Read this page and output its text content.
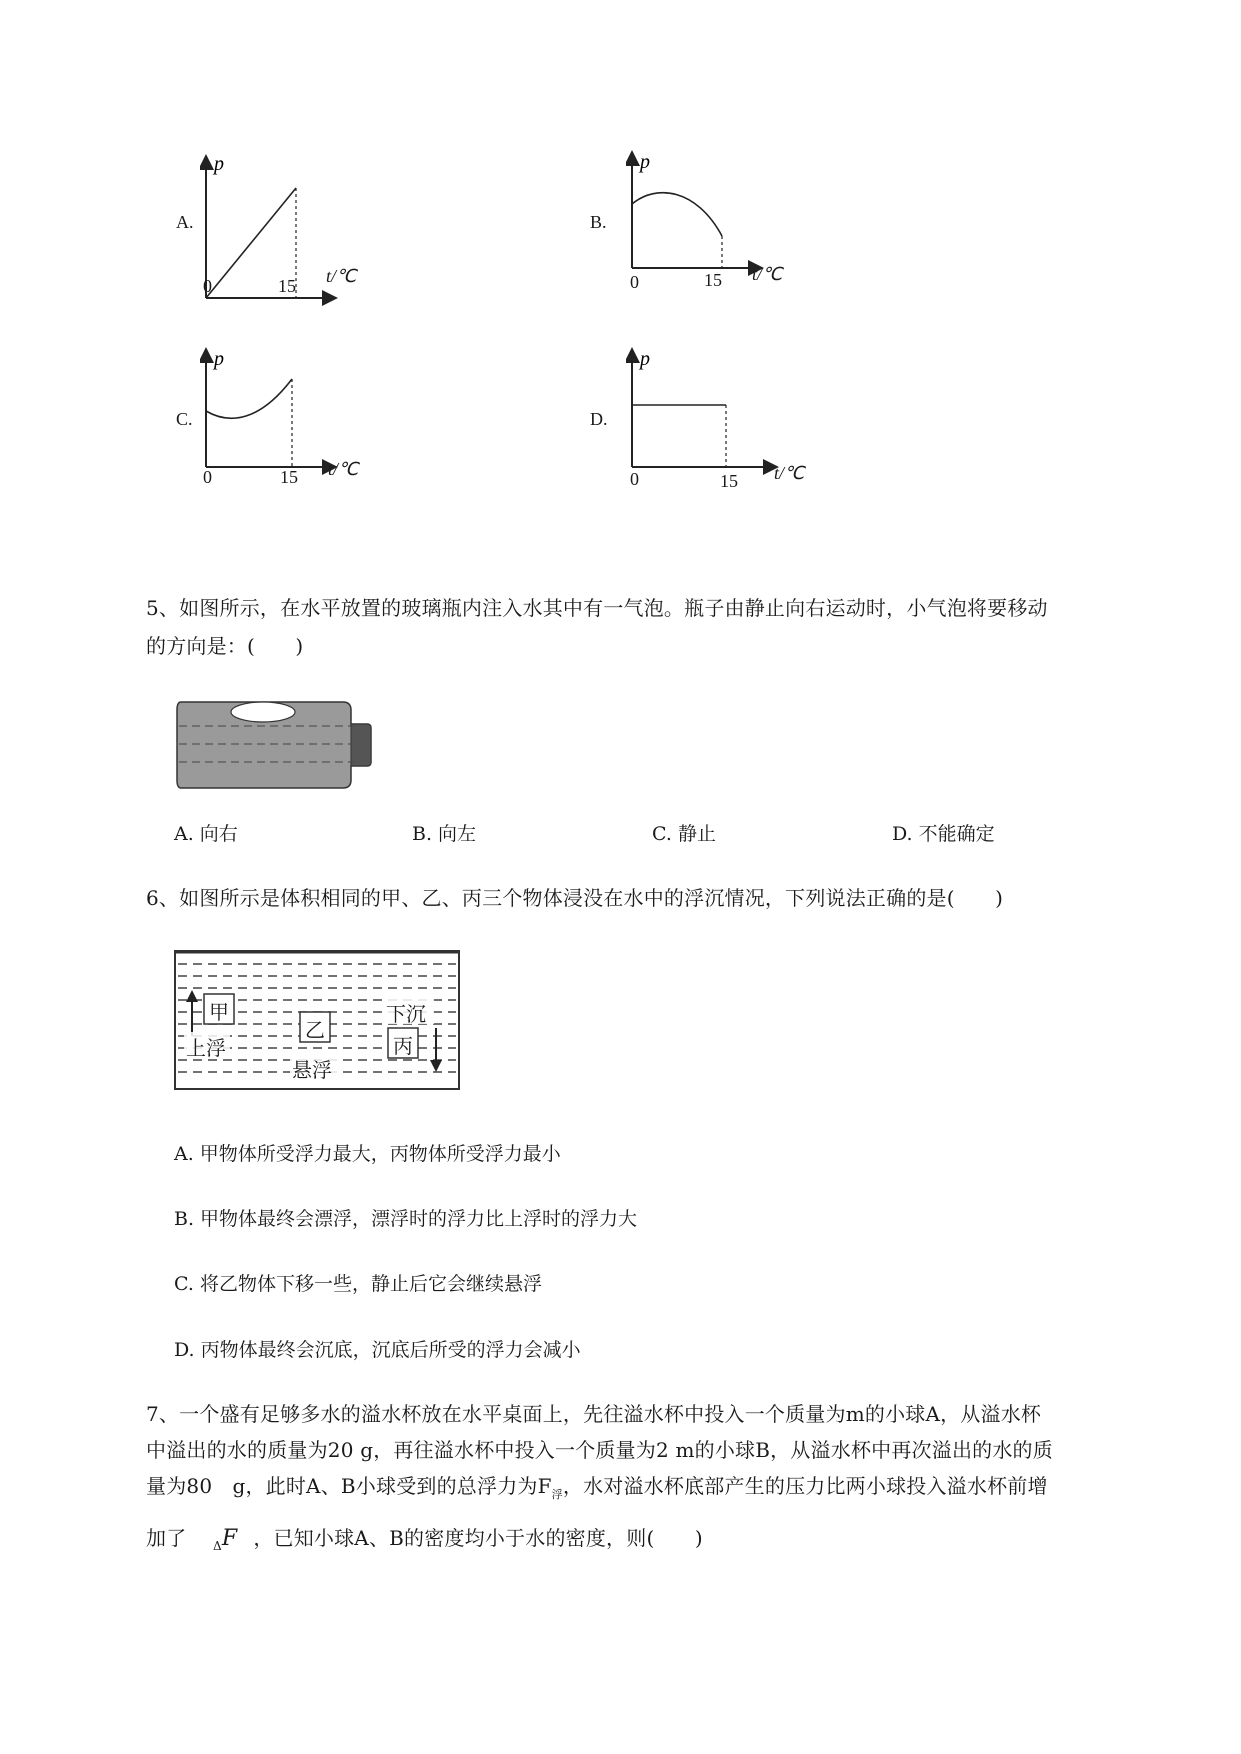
A.
p
0	15 t/℃
B.
p
0	15 t/℃
C.
p
0	15 t/℃
D.
p
0	15 t/℃
5、如图所示，在水平放置的玻璃瓶内注入水其中有一气泡。瓶子由静止向右运动时，小气泡将要移动
的方向是：(　　)
A. 向右	B. 向左	C. 静止	D. 不能确定
6、如图所示是体积相同的甲、乙、丙三个物体浸没在水中的浮沉情况，下列说法正确的是(　　)
甲
上浮
乙
悬浮
丙
下沉
A. 甲物体所受浮力最大，丙物体所受浮力最小
B. 甲物体最终会漂浮，漂浮时的浮力比上浮时的浮力大
C. 将乙物体下移一些，静止后它会继续悬浮
D. 丙物体最终会沉底，沉底后所受的浮力会减小
7、一个盛有足够多水的溢水杯放在水平桌面上，先往溢水杯中投入一个质量为m的小球A，从溢水杯
中溢出的水的质量为20 g，再往溢水杯中投入一个质量为2 m的小球B，从溢水杯中再次溢出的水的质
量为80　g，此时A、B小球受到的总浮力为$F_浮$，水对溢水杯底部产生的压力比两小球投入溢水杯前增
加了 $_\Delta$F ，已知小球A、B的密度均小于水的密度，则(　　)
